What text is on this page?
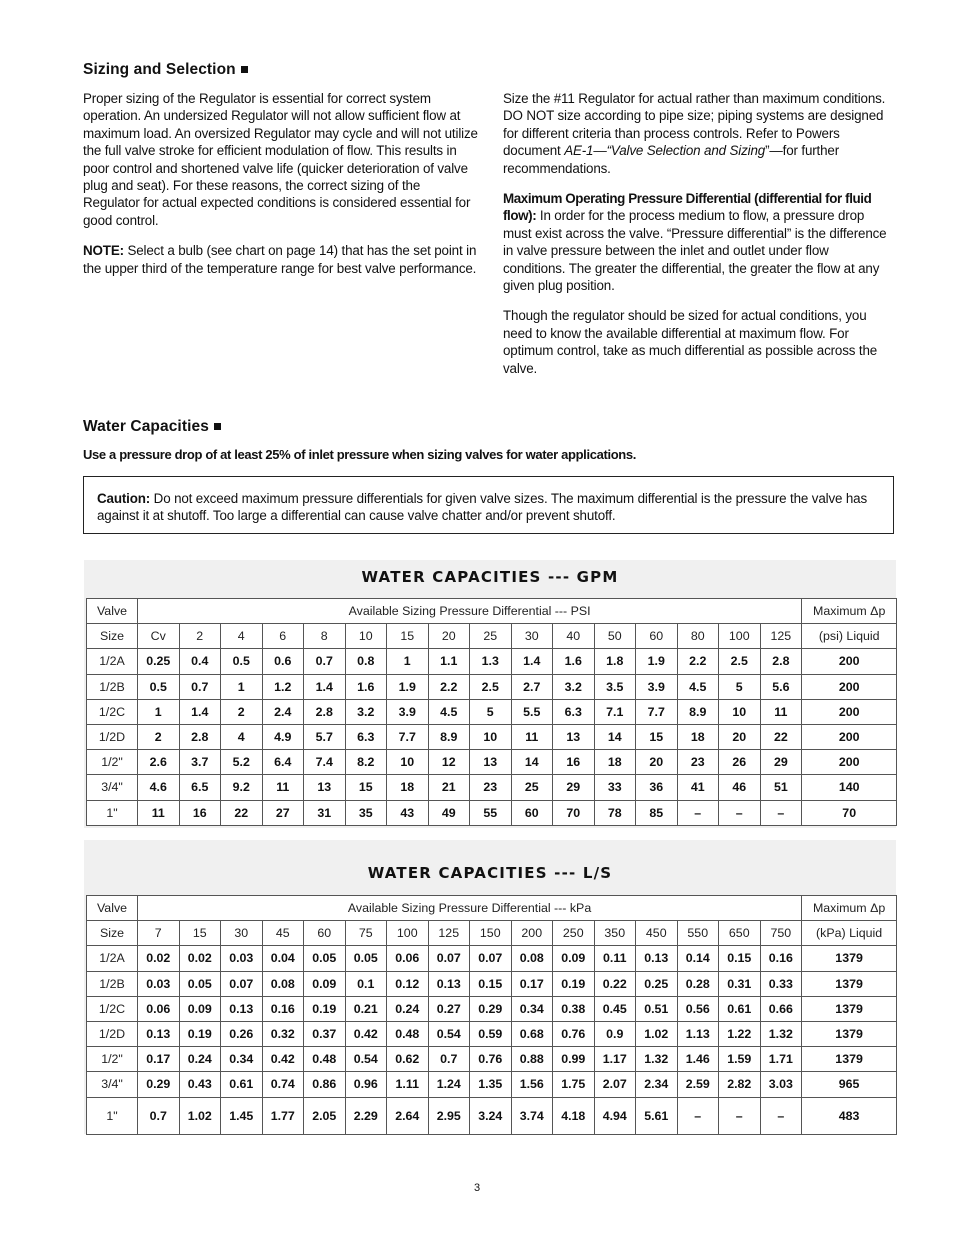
Sizing and Selection

Proper sizing of the Regulator is essential for correct system operation. An undersized Regulator will not allow sufficient flow at maximum load. An oversized Regulator may cycle and will not utilize the full valve stroke for efficient modulation of flow. This results in poor control and shortened valve life (quicker deterioration of valve plug and seat). For these reasons, the correct sizing of the Regulator for actual expected conditions is considered essential for good control.

NOTE: Select a bulb (see chart on page 14) that has the set point in the upper third of the temperature range for best valve performance.

Size the #11 Regulator for actual rather than maximum conditions. DO NOT size according to pipe size; piping systems are designed for different criteria than process controls. Refer to Powers document AE-1—“Valve Selection and Sizing”—for further recommendations.

Maximum Operating Pressure Differential (differential for fluid flow): In order for the process medium to flow, a pressure drop must exist across the valve. “Pressure differential” is the difference in valve pressure between the inlet and outlet under flow conditions. The greater the differential, the greater the flow at any given plug position.

Though the regulator should be sized for actual conditions, you need to know the available differential at maximum flow. For optimum control, take as much differential as possible across the valve.

Water Capacities

Use a pressure drop of at least 25% of inlet pressure when sizing valves for water applications.

Caution: Do not exceed maximum pressure differentials for given valve sizes. The maximum differential is the pressure the valve has against it at shutoff. Too large a differential can cause valve chatter and/or prevent shutoff.

WATER CAPACITIES --- GPM
Valve	Available Sizing Pressure Differential --- PSI																Maximum Δp
Size	Cv	2	4	6	8	10	15	20	25	30	40	50	60	80	100	125	(psi) Liquid
1/2A	0.25	0.4	0.5	0.6	0.7	0.8	1	1.1	1.3	1.4	1.6	1.8	1.9	2.2	2.5	2.8	200
1/2B	0.5	0.7	1	1.2	1.4	1.6	1.9	2.2	2.5	2.7	3.2	3.5	3.9	4.5	5	5.6	200
1/2C	1	1.4	2	2.4	2.8	3.2	3.9	4.5	5	5.5	6.3	7.1	7.7	8.9	10	11	200
1/2D	2	2.8	4	4.9	5.7	6.3	7.7	8.9	10	11	13	14	15	18	20	22	200
1/2"	2.6	3.7	5.2	6.4	7.4	8.2	10	12	13	14	16	18	20	23	26	29	200
3/4"	4.6	6.5	9.2	11	13	15	18	21	23	25	29	33	36	41	46	51	140
1"	11	16	22	27	31	35	43	49	55	60	70	78	85	–	–	–	70
WATER CAPACITIES --- L/S
Valve	Available Sizing Pressure Differential --- kPa																Maximum Δp
Size	7	15	30	45	60	75	100	125	150	200	250	350	450	550	650	750	(kPa) Liquid
1/2A	0.02	0.02	0.03	0.04	0.05	0.05	0.06	0.07	0.07	0.08	0.09	0.11	0.13	0.14	0.15	0.16	1379
1/2B	0.03	0.05	0.07	0.08	0.09	0.1	0.12	0.13	0.15	0.17	0.19	0.22	0.25	0.28	0.31	0.33	1379
1/2C	0.06	0.09	0.13	0.16	0.19	0.21	0.24	0.27	0.29	0.34	0.38	0.45	0.51	0.56	0.61	0.66	1379
1/2D	0.13	0.19	0.26	0.32	0.37	0.42	0.48	0.54	0.59	0.68	0.76	0.9	1.02	1.13	1.22	1.32	1379
1/2"	0.17	0.24	0.34	0.42	0.48	0.54	0.62	0.7	0.76	0.88	0.99	1.17	1.32	1.46	1.59	1.71	1379
3/4"	0.29	0.43	0.61	0.74	0.86	0.96	1.11	1.24	1.35	1.56	1.75	2.07	2.34	2.59	2.82	3.03	965
1"	0.7	1.02	1.45	1.77	2.05	2.29	2.64	2.95	3.24	3.74	4.18	4.94	5.61	–	–	–	483
3
